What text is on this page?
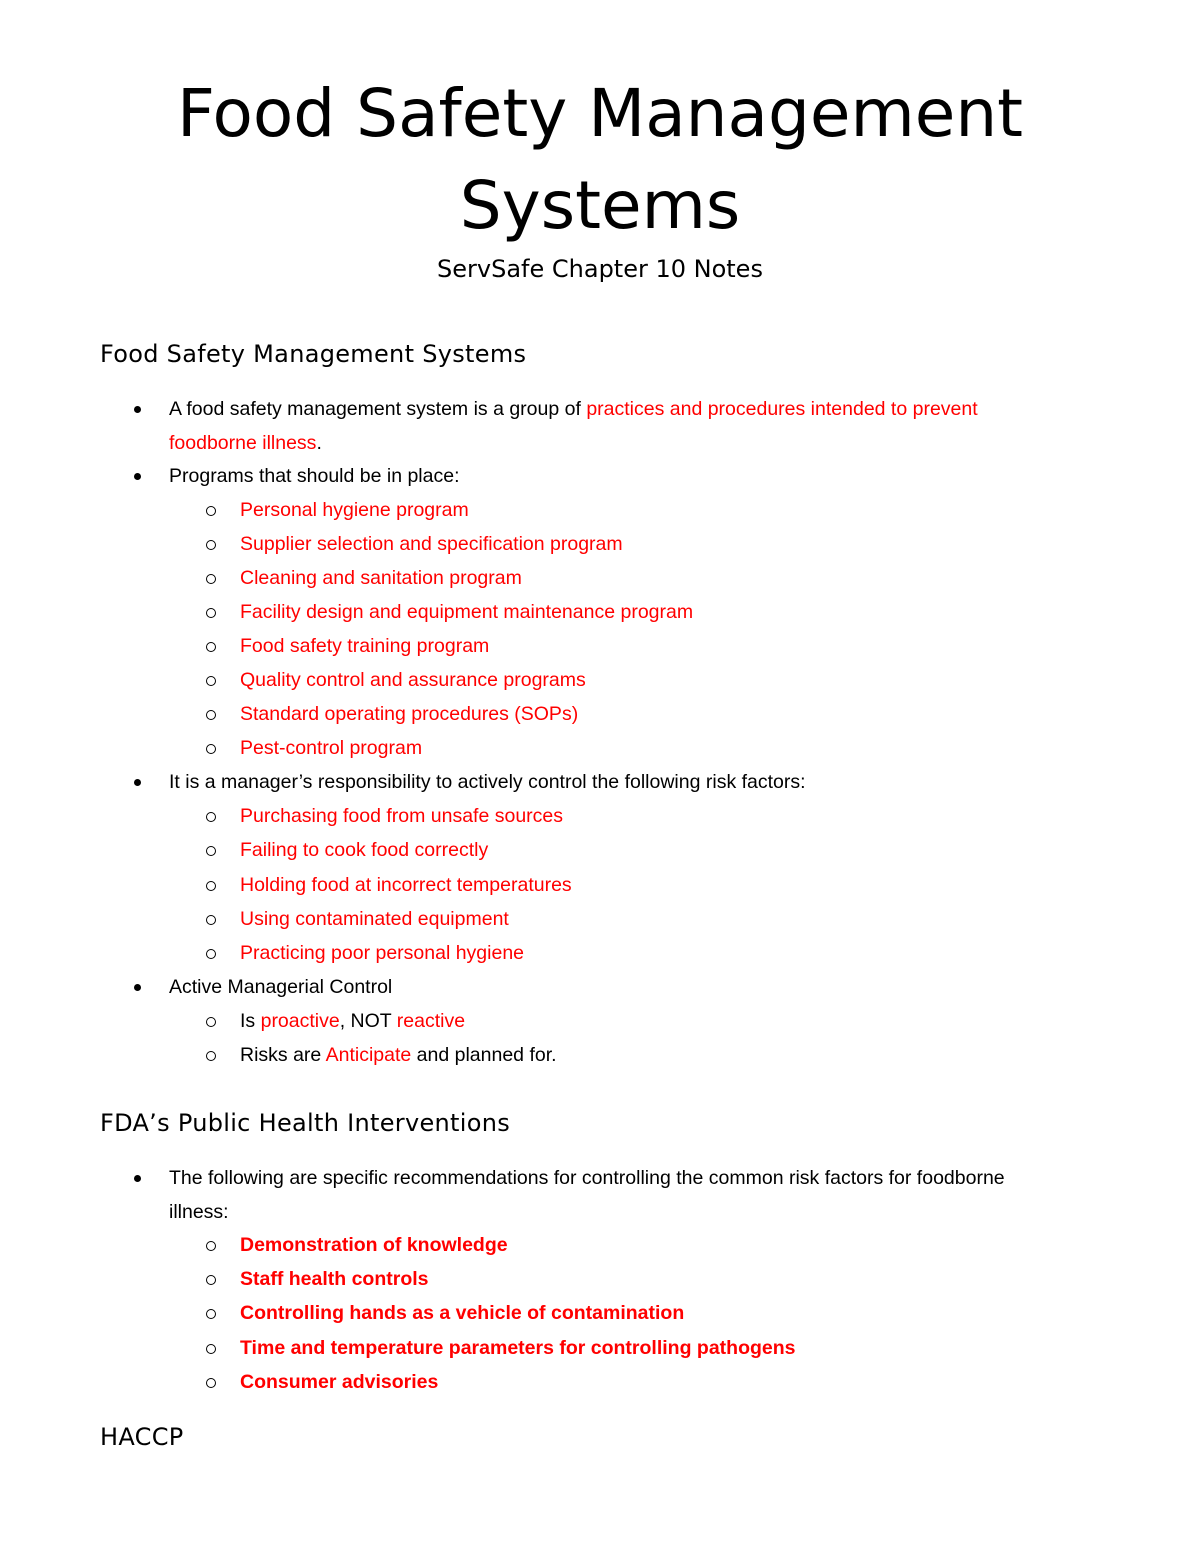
Food Safety Management
Systems
ServSafe Chapter 10 Notes
Food Safety Management Systems
A food safety management system is a group of practices and procedures intended to prevent
foodborne illness.
Programs that should be in place:
Personal hygiene program
Supplier selection and specification program
Cleaning and sanitation program
Facility design and equipment maintenance program
Food safety training program
Quality control and assurance programs
Standard operating procedures (SOPs)
Pest-control program
It is a manager’s responsibility to actively control the following risk factors:
Purchasing food from unsafe sources
Failing to cook food correctly
Holding food at incorrect temperatures
Using contaminated equipment
Practicing poor personal hygiene
Active Managerial Control
Is proactive, NOT reactive
Risks are Anticipate and planned for.
FDA’s Public Health Interventions
The following are specific recommendations for controlling the common risk factors for foodborne
illness:
Demonstration of knowledge
Staff health controls
Controlling hands as a vehicle of contamination
Time and temperature parameters for controlling pathogens
Consumer advisories
HACCP
